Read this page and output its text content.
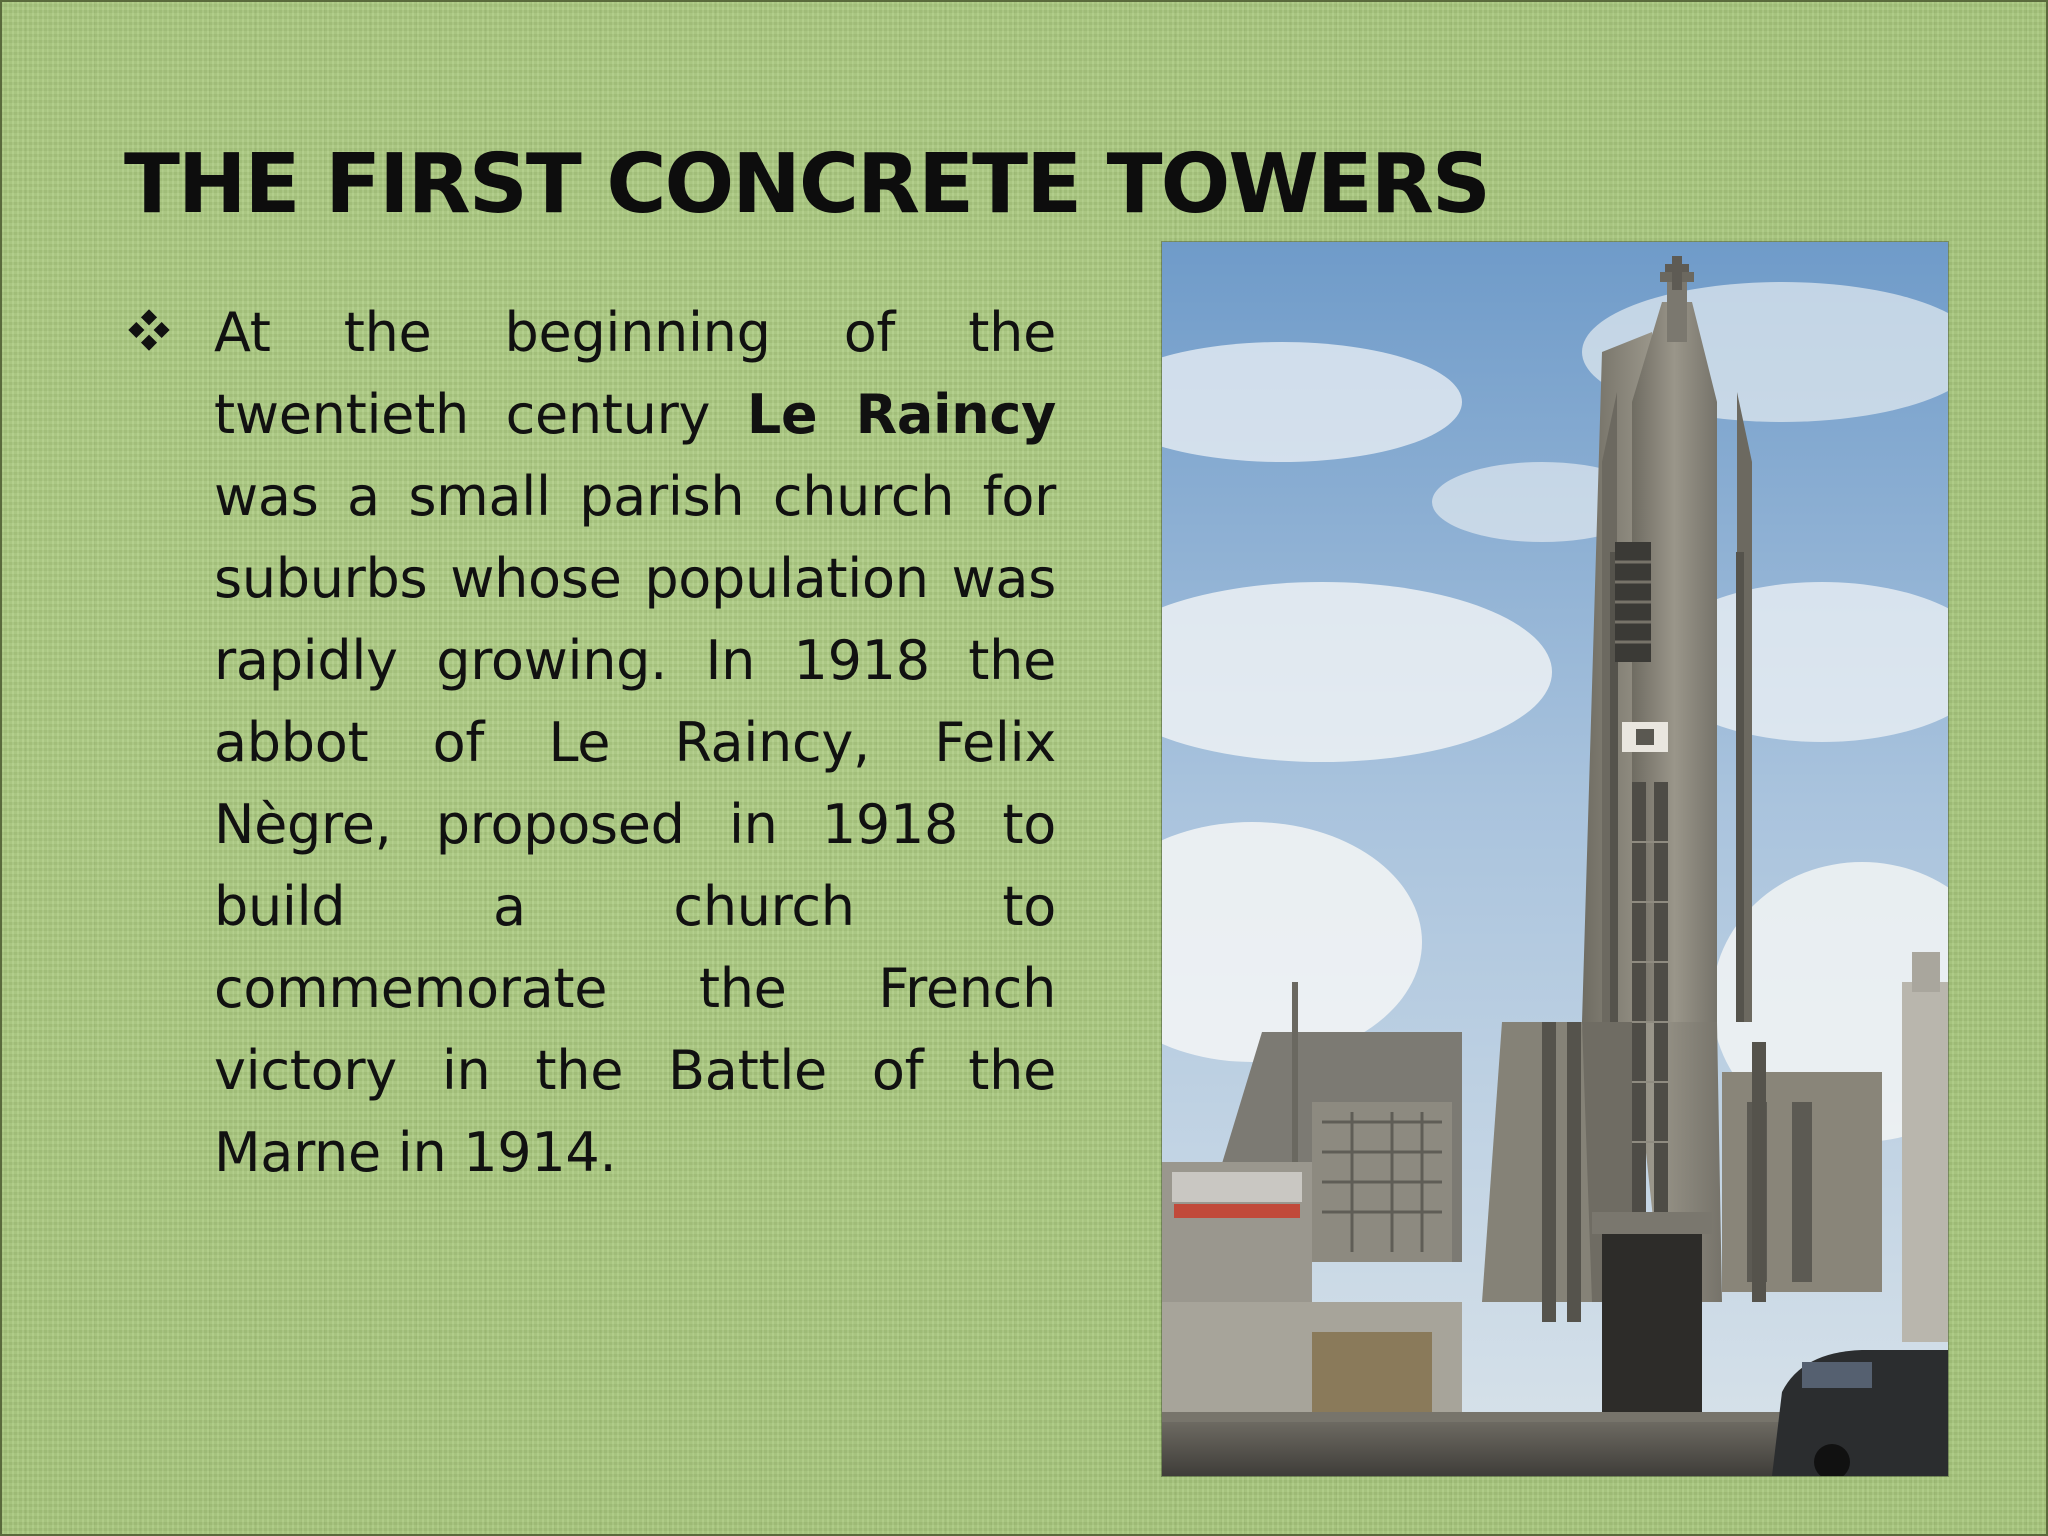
THE FIRST CONCRETE TOWERS

At the beginning of the twentieth century Le Raincy was a small parish church for suburbs whose population was rapidly growing. In 1918 the abbot of Le Raincy, Felix Nègre, proposed in 1918 to build a church to commemorate the French victory in the Battle of the Marne in 1914.
